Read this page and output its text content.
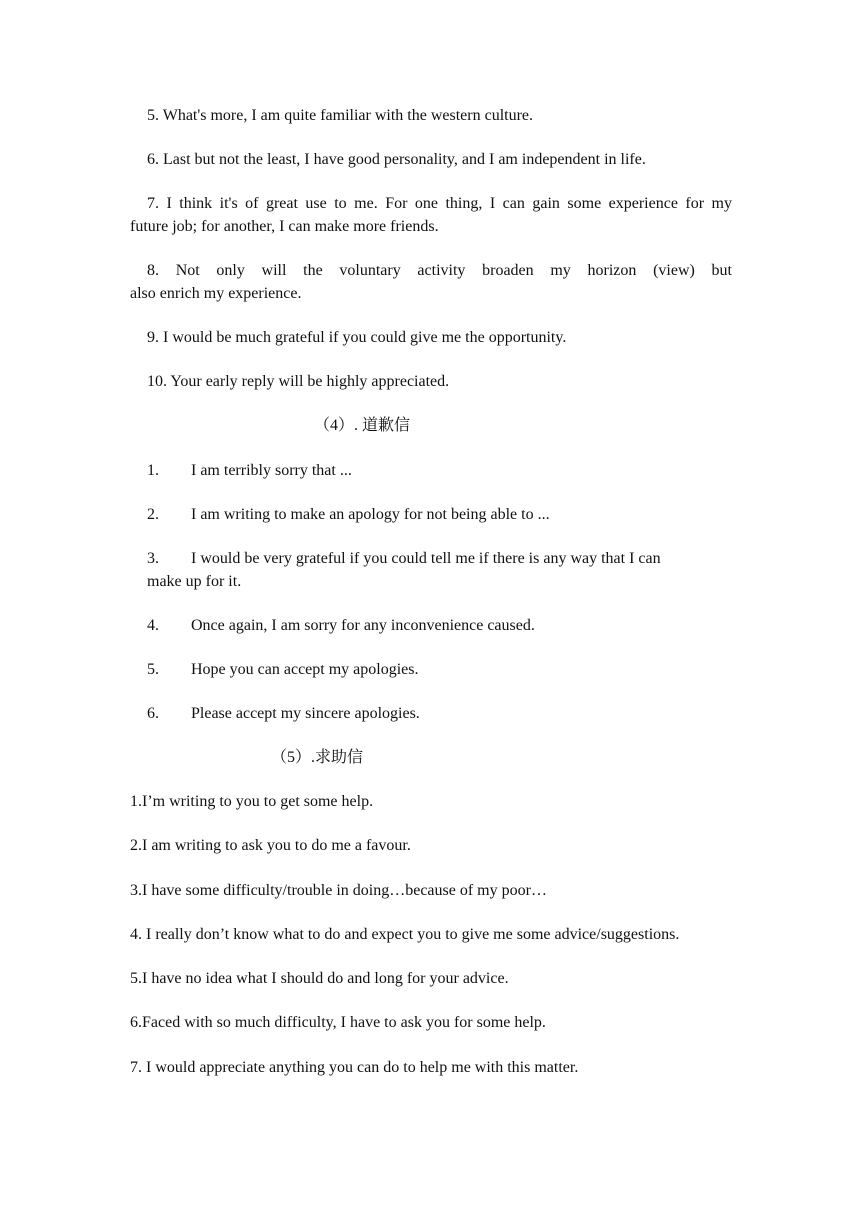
5. What's more, I am quite familiar with the western culture.
6. Last but not the least, I have good personality, and I am independent in life.
7. I think it's of great use to me. For one thing, I can gain some experience for my
future job; for another, I can make more friends.
8. Not only will the voluntary activity broaden my horizon (view) but
also enrich my experience.
9. I would be much grateful if you could give me the opportunity.
10. Your early reply will be highly appreciated.
（4）. 道歉信
1. I am terribly sorry that ...
2. I am writing to make an apology for not being able to ...
3. I would be very grateful if you could tell me if there is any way that I can
make up for it.
4. Once again, I am sorry for any inconvenience caused.
5. Hope you can accept my apologies.
6. Please accept my sincere apologies.
（5）.求助信
1.I’m writing to you to get some help.
2.I am writing to ask you to do me a favour.
3.I have some difficulty/trouble in doing…because of my poor…
4. I really don’t know what to do and expect you to give me some advice/suggestions.
5.I have no idea what I should do and long for your advice.
6.Faced with so much difficulty, I have to ask you for some help.
7. I would appreciate anything you can do to help me with this matter.
